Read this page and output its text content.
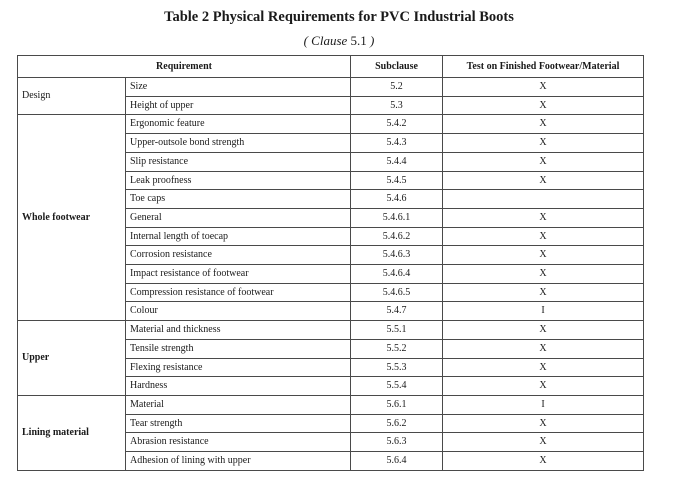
Table 2 Physical Requirements for PVC Industrial Boots
( Clause 5.1 )
Requirement		Subclause	Test on Finished Footwear/Material
Design	Size	5.2	X
	Height of upper	5.3	X
Whole footwear	Ergonomic feature	5.4.2	X
	Upper-outsole bond strength	5.4.3	X
	Slip resistance	5.4.4	X
	Leak proofness	5.4.5	X
	Toe caps	5.4.6	
	General	5.4.6.1	X
	Internal length of toecap	5.4.6.2	X
	Corrosion resistance	5.4.6.3	X
	Impact resistance of footwear	5.4.6.4	X
	Compression resistance of footwear	5.4.6.5	X
	Colour	5.4.7	I
Upper	Material and thickness	5.5.1	X
	Tensile strength	5.5.2	X
	Flexing resistance	5.5.3	X
	Hardness	5.5.4	X
Lining material	Material	5.6.1	I
	Tear strength	5.6.2	X
	Abrasion resistance	5.6.3	X
	Adhesion of lining with upper	5.6.4	X
